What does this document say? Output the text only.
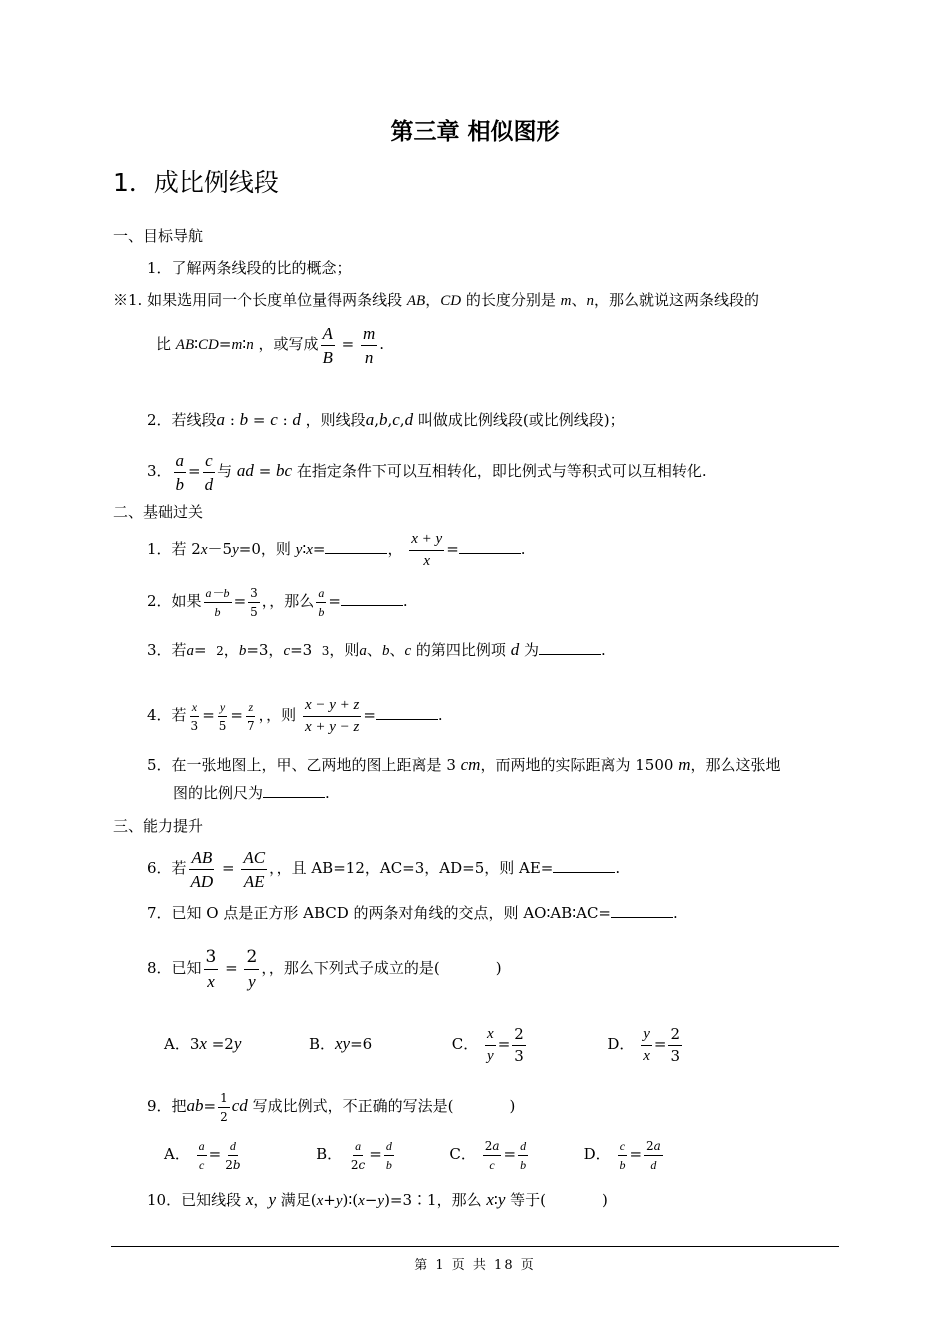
第三章 相似图形
1．成比例线段
一、目标导航
1．了解两条线段的比的概念；
※1. 如果选用同一个长度单位量得两条线段 AB，CD 的长度分别是 m、n，那么就说这两条线段的
比 AB∶CD=m∶n ，或写成 $\frac{A}{B} = \frac{m}{n}$ .
2．若线段a : b = c : d ，则线段a,b,c,d 叫做成比例线段(或比例线段)；
3． $\frac{a}{b} = \frac{c}{d}$ 与 ad = bc 在指定条件下可以互相转化，即比例式与等积式可以互相转化.
二、基础过关
1．若 2x－5y=0，则 y∶x=	， $\frac{x + y}{x}$ =	.
2．如果 $\frac{a-b}{b} = \frac{3}{5}$ ，，那么 $\frac{a}{b}$ =	.
3．若a=  2，b=3，c=3  3，则a、b、c 的第四比例项 d 为	.
4．若 $\frac{x}{3} = \frac{y}{5} = \frac{z}{7}$ ，，则 $\frac{x - y + z}{x + y - z}$ =	.
5．在一张地图上，甲、乙两地的图上距离是 3 cm，而两地的实际距离为 1500 m，那么这张地
图的比例尺为	.
三、能力提升
6．若 $\frac{AB}{AD} = \frac{AC}{AE}$ ，，且 AB=12，AC=3，AD=5，则 AE=	.
7．已知 O 点是正方形 ABCD 的两条对角线的交点，则 AO∶AB∶AC=	.
8．已知 $\frac{3}{x} = \frac{2}{y}$ ，，那么下列式子成立的是(	)
A．3x =2y	B．xy=6	C． $\frac{x}{y} = \frac{2}{3}$	D． $\frac{y}{x} = \frac{2}{3}$
9．把$ab= \frac{1}{2}$ cd 写成比例式，不正确的写法是(	)
A． $\frac{a}{c} = \frac{d}{2b}$	B． $\frac{a}{2c} = \frac{d}{b}$	C． $\frac{2a}{c} = \frac{d}{b}$	D． $\frac{c}{b} = \frac{2a}{d}$
10．已知线段 x，y 满足(x+y)∶(x−y)=3∶1，那么 x∶y 等于(	)
第 1 页 共 18 页
